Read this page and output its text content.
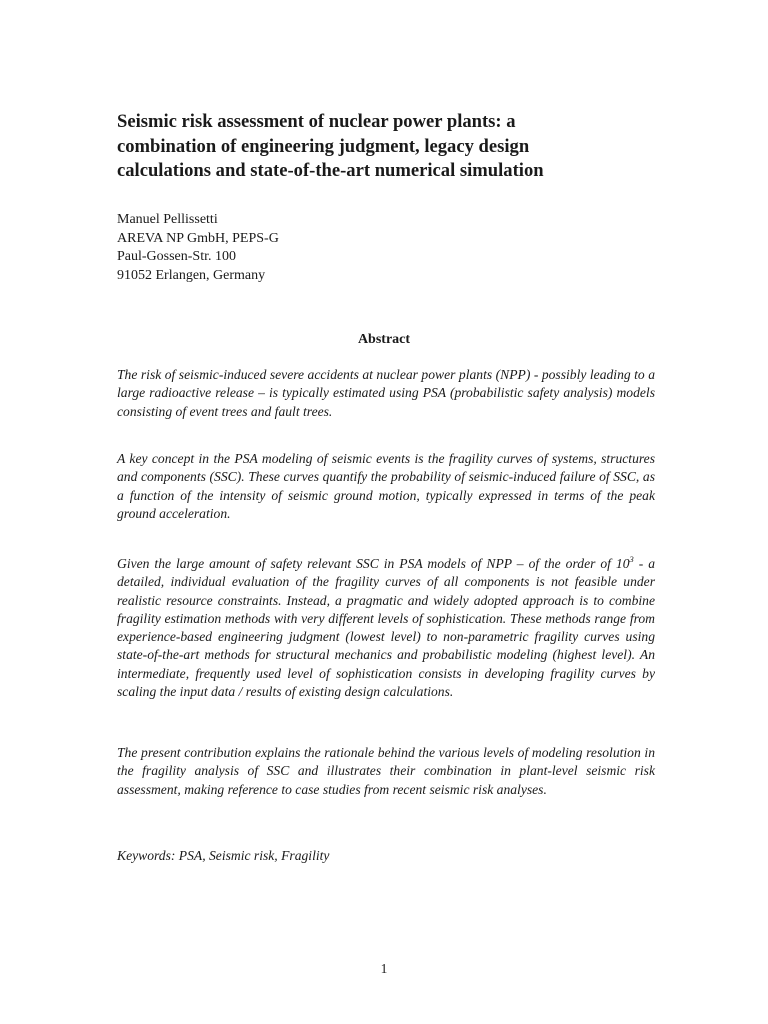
Seismic risk assessment of nuclear power plants: a
combination of engineering judgment, legacy design
calculations and state-of-the-art numerical simulation
Manuel Pellissetti
AREVA NP GmbH, PEPS-G
Paul-Gossen-Str. 100
91052 Erlangen, Germany
Abstract

The risk of seismic-induced severe accidents at nuclear power plants (NPP) - possibly leading to a large radioactive release – is typically estimated using PSA (probabilistic safety analysis) models consisting of event trees and fault trees.

A key concept in the PSA modeling of seismic events is the fragility curves of systems, structures and components (SSC). These curves quantify the probability of seismic-induced failure of SSC, as a function of the intensity of seismic ground motion, typically expressed in terms of the peak ground acceleration.

Given the large amount of safety relevant SSC in PSA models of NPP – of the order of $10^3$ - a detailed, individual evaluation of the fragility curves of all components is not feasible under realistic resource constraints. Instead, a pragmatic and widely adopted approach is to combine fragility estimation methods with very different levels of sophistication. These methods range from experience-based engineering judgment (lowest level) to non-parametric fragility curves using state-of-the-art methods for structural mechanics and probabilistic modeling (highest level). An intermediate, frequently used level of sophistication consists in developing fragility curves by scaling the input data / results of existing design calculations.

The present contribution explains the rationale behind the various levels of modeling resolution in the fragility analysis of SSC and illustrates their combination in plant-level seismic risk assessment, making reference to case studies from recent seismic risk analyses.

Keywords: PSA, Seismic risk, Fragility
1
